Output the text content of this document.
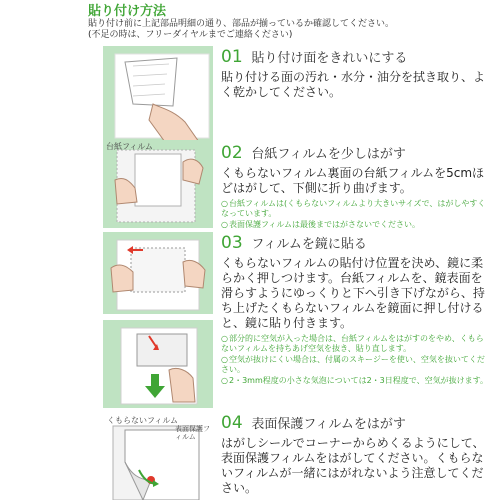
貼り付け方法
貼り付け前に上記部品明細の通り、部品が揃っているか確認してください。
(不足の時は、フリーダイヤルまでご連絡ください)
01 貼り付け面をきれいにする
貼り付ける面の汚れ・水分・油分を拭き取り、よく乾かしてください。
台紙フィルム	02 台紙フィルムを少しはがす
くもらないフィルム裏面の台紙フィルムを5cmほどはがして、下側に折り曲げます。
○台紙フィルムは(くもらないフィルムより大きいサイズで、はがしやすくなっています。
○表面保護フィルムは最後まではがさないでください。
03 フィルムを鏡に貼る
くもらないフィルムの貼付け位置を決め、鏡に柔らかく押しつけます。台紙フィルムを、鏡表面を滑らすようにゆっくりと下へ引き下げながら、持ち上げたくもらないフィルムを鏡面に押し付けると、鏡に貼り付きます。
○部分的に空気が入った場合は、台紙フィルムをはがすのをやめ、くもらないフィルムを持ちあげ空気を抜き、貼り直します。
○空気が抜けにくい場合は、付属のスキージーを使い、空気を抜いてください。
○2・3mm程度の小さな気泡については2・3日程度で、空気が抜けます。
くもらないフィルム
表面保護フィルム
04 表面保護フィルムをはがす
はがしシールでコーナーからめくるようにして、表面保護フィルムをはがしてください。くもらないフィルムが一緒にはがれないよう注意してください。
